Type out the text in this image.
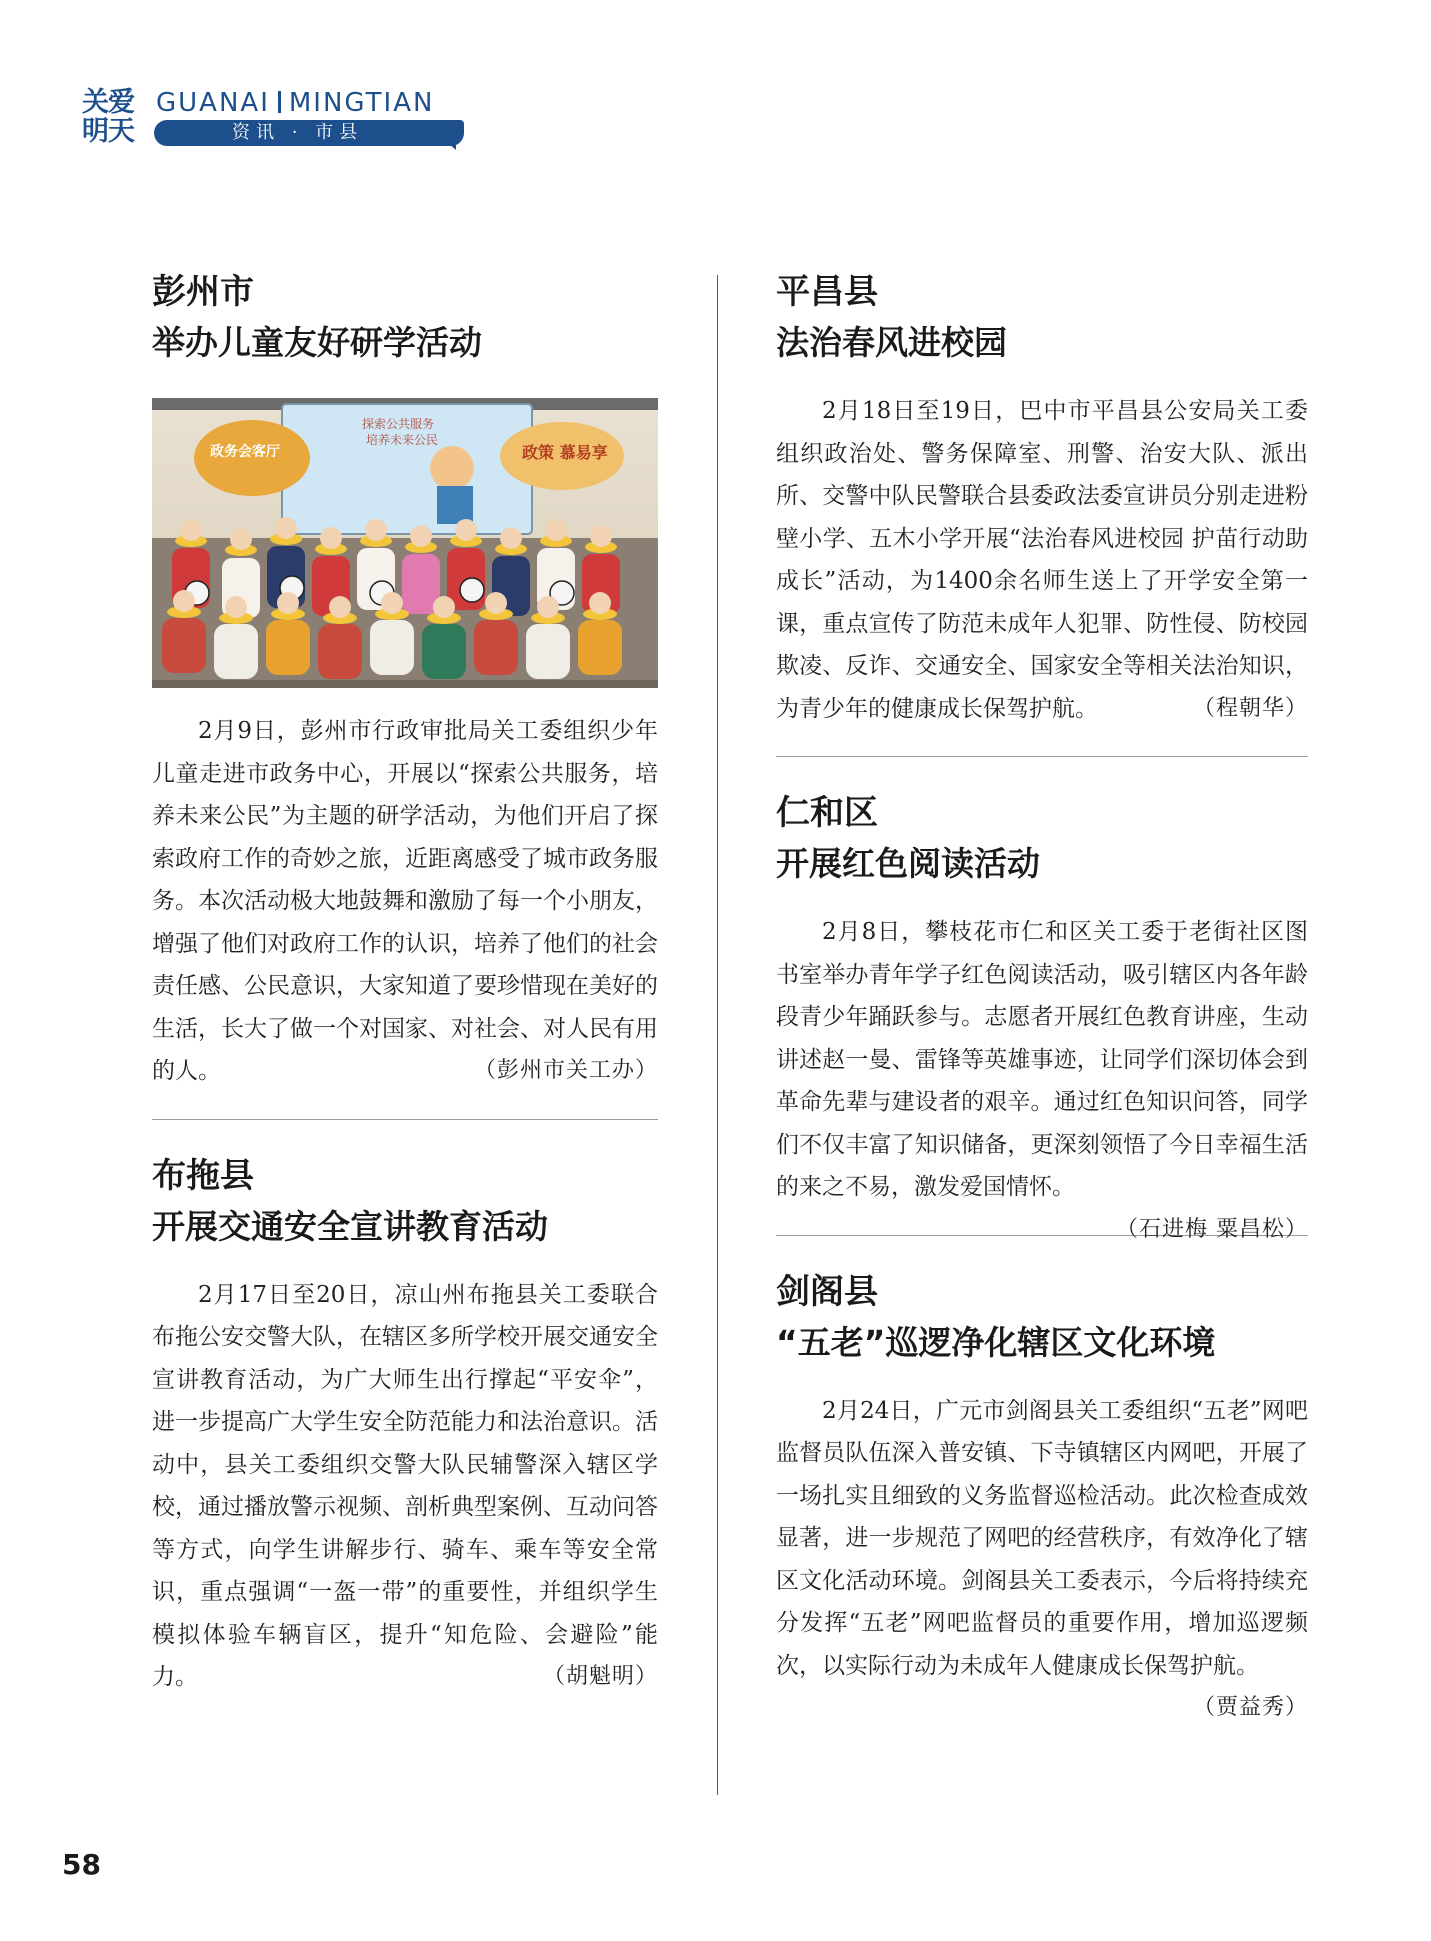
关爱明天
GUANAI MINGTIAN
资讯 · 市县
彭州市
举办儿童友好研学活动
探索公共服务
培养未来公民
政务会客厅	政策 慕易享

2月9日，彭州市行政审批局关工委组织少年儿童走进市政务中心，开展以“探索公共服务，培养未来公民”为主题的研学活动，为他们开启了探索政府工作的奇妙之旅，近距离感受了城市政务服务。本次活动极大地鼓舞和激励了每一个小朋友，增强了他们对政府工作的认识，培养了他们的社会责任感、公民意识，大家知道了要珍惜现在美好的生活，长大了做一个对国家、对社会、对人民有用的人。	（彭州市关工办）

布拖县
开展交通安全宣讲教育活动

2月17日至20日，凉山州布拖县关工委联合布拖公安交警大队，在辖区多所学校开展交通安全宣讲教育活动，为广大师生出行撑起“平安伞”，进一步提高广大学生安全防范能力和法治意识。活动中，县关工委组织交警大队民辅警深入辖区学校，通过播放警示视频、剖析典型案例、互动问答等方式，向学生讲解步行、骑车、乘车等安全常识，重点强调“一盔一带”的重要性，并组织学生模拟体验车辆盲区，提升“知危险、会避险”能力。	（胡魁明）

平昌县
法治春风进校园

2月18日至19日，巴中市平昌县公安局关工委组织政治处、警务保障室、刑警、治安大队、派出所、交警中队民警联合县委政法委宣讲员分别走进粉壁小学、五木小学开展“法治春风进校园 护苗行动助成长”活动，为1400余名师生送上了开学安全第一课，重点宣传了防范未成年人犯罪、防性侵、防校园欺凌、反诈、交通安全、国家安全等相关法治知识，为青少年的健康成长保驾护航。	（程朝华）

仁和区
开展红色阅读活动

2月8日，攀枝花市仁和区关工委于老街社区图书室举办青年学子红色阅读活动，吸引辖区内各年龄段青少年踊跃参与。志愿者开展红色教育讲座，生动讲述赵一曼、雷锋等英雄事迹，让同学们深切体会到革命先辈与建设者的艰辛。通过红色知识问答，同学们不仅丰富了知识储备，更深刻领悟了今日幸福生活的来之不易，激发爱国情怀。
（石进梅 粟昌松）

剑阁县
“五老”巡逻净化辖区文化环境

2月24日，广元市剑阁县关工委组织“五老”网吧监督员队伍深入普安镇、下寺镇辖区内网吧，开展了一场扎实且细致的义务监督巡检活动。此次检查成效显著，进一步规范了网吧的经营秩序，有效净化了辖区文化活动环境。剑阁县关工委表示，今后将持续充分发挥“五老”网吧监督员的重要作用，增加巡逻频次，以实际行动为未成年人健康成长保驾护航。
（贾益秀）

58
